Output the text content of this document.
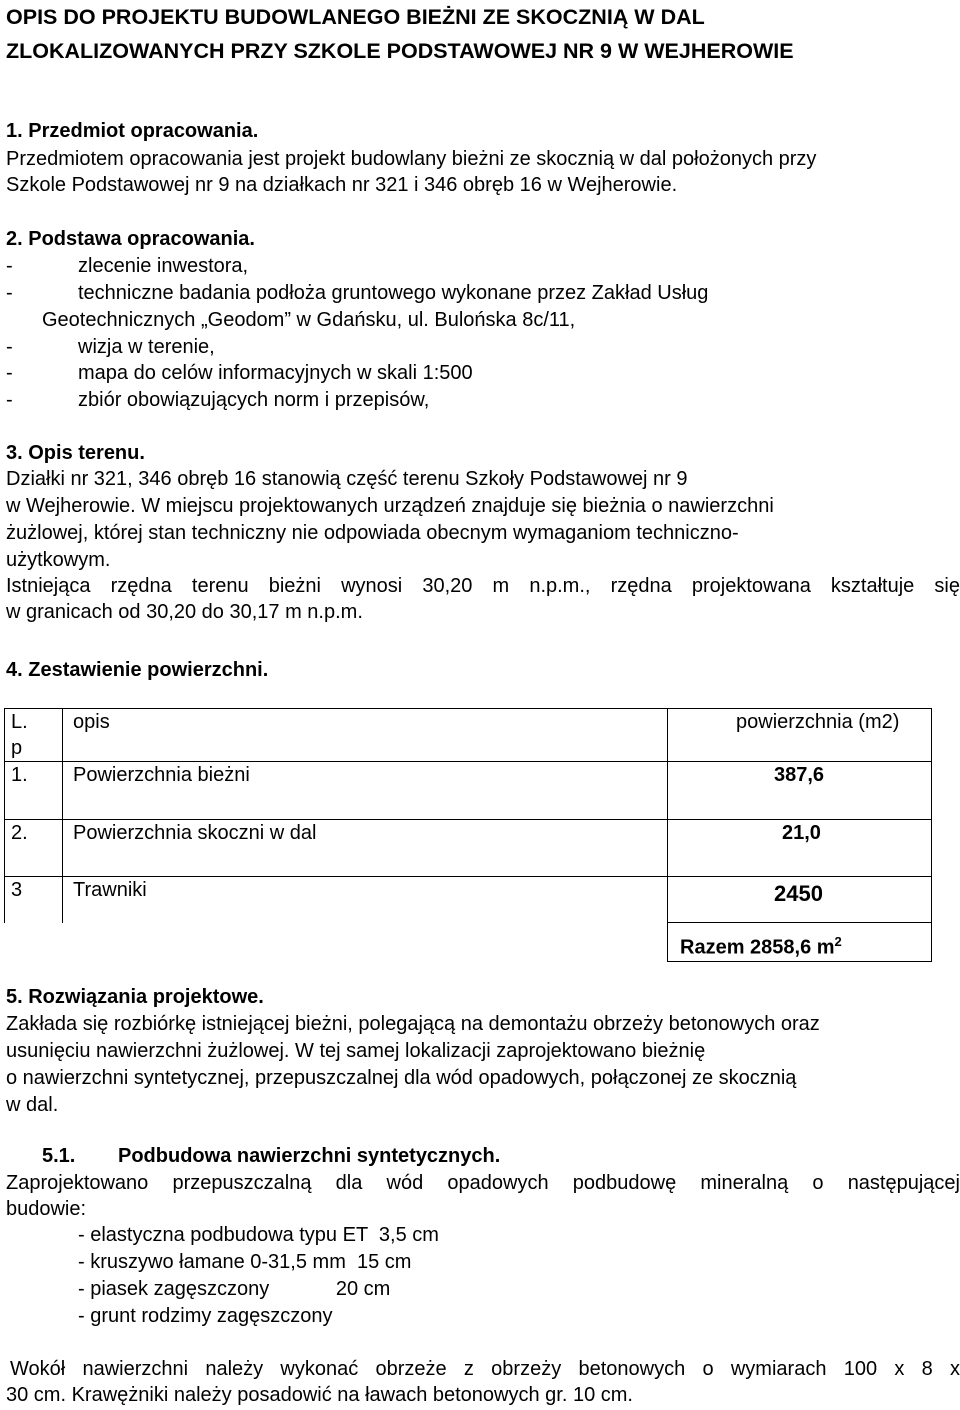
OPIS DO PROJEKTU BUDOWLANEGO BIEŻNI ZE SKOCZNIĄ W DAL
ZLOKALIZOWANYCH PRZY SZKOLE PODSTAWOWEJ NR 9 W WEJHEROWIE
1. Przedmiot opracowania.
Przedmiotem opracowania jest projekt budowlany bieżni ze skocznią w dal położonych przy
Szkole Podstawowej nr 9 na działkach nr 321 i 346 obręb 16 w Wejherowie.
2. Podstawa opracowania.
-	zlecenie inwestora,
-	techniczne badania podłoża gruntowego wykonane przez Zakład Usług
Geotechnicznych „Geodom” w Gdańsku, ul. Bulońska 8c/11,
-	wizja w terenie,
-	mapa do celów informacyjnych w skali 1:500
-	zbiór obowiązujących norm i przepisów,
3. Opis terenu.
Działki nr 321, 346 obręb 16 stanowią część terenu Szkoły Podstawowej nr 9
w Wejherowie. W miejscu projektowanych urządzeń znajduje się bieżnia o nawierzchni
żużlowej, której stan techniczny nie odpowiada obecnym wymaganiom techniczno-
użytkowym.
Istniejąca rzędna terenu bieżni wynosi 30,20 m n.p.m., rzędna projektowana kształtuje się
w granicach od 30,20 do 30,17 m n.p.m.
4. Zestawienie powierzchni.
L.
p	opis	powierzchnia (m2)
1.	Powierzchnia bieżni	387,6
2.	Powierzchnia skoczni w dal	21,0
3	Trawniki	2450
		Razem 2858,6 $m^2$
5. Rozwiązania projektowe.
Zakłada się rozbiórkę istniejącej bieżni, polegającą na demontażu obrzeży betonowych oraz
usunięciu nawierzchni żużlowej. W tej samej lokalizacji zaprojektowano bieżnię
o nawierzchni syntetycznej, przepuszczalnej dla wód opadowych, połączonej ze skocznią
w dal.
5.1. Podbudowa nawierzchni syntetycznych.
Zaprojektowano przepuszczalną dla wód opadowych podbudowę mineralną o następującej
budowie:
- elastyczna podbudowa typu ET  3,5 cm
- kruszywo łamane 0-31,5 mm  15 cm
- piasek zagęszczony            20 cm
- grunt rodzimy zagęszczony
Wokół nawierzchni należy wykonać obrzeże z obrzeży betonowych o wymiarach 100 x 8 x
30 cm. Krawężniki należy posadowić na ławach betonowych gr. 10 cm.
